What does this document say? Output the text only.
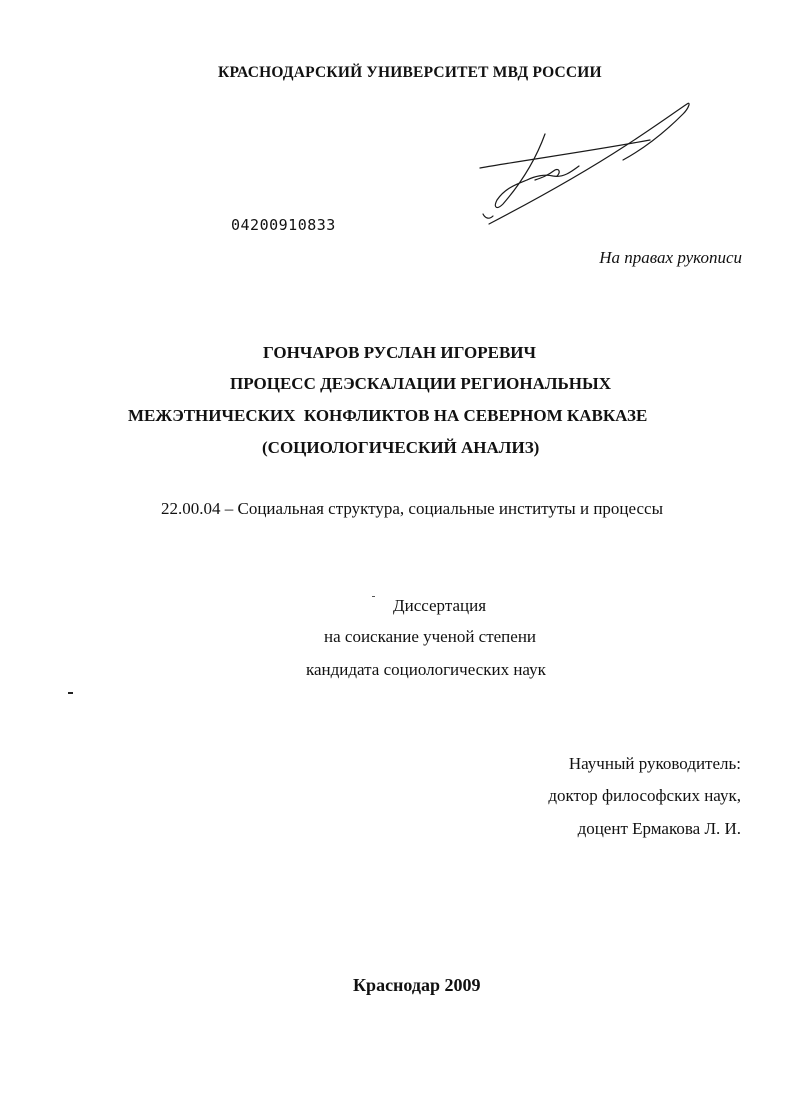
КРАСНОДАРСКИЙ УНИВЕРСИТЕТ МВД РОССИИ
04200910833
На правах рукописи
ГОНЧАРОВ РУСЛАН ИГОРЕВИЧ
ПРОЦЕСС ДЕЭСКАЛАЦИИ РЕГИОНАЛЬНЫХ
МЕЖЭТНИЧЕСКИХ  КОНФЛИКТОВ НА СЕВЕРНОМ КАВКАЗЕ
(СОЦИОЛОГИЧЕСКИЙ АНАЛИЗ)
22.00.04 – Социальная структура, социальные институты и процессы
Диссертация
на соискание ученой степени
кандидата социологических наук
Научный руководитель:
доктор философских наук,
доцент Ермакова Л. И.
Краснодар 2009
